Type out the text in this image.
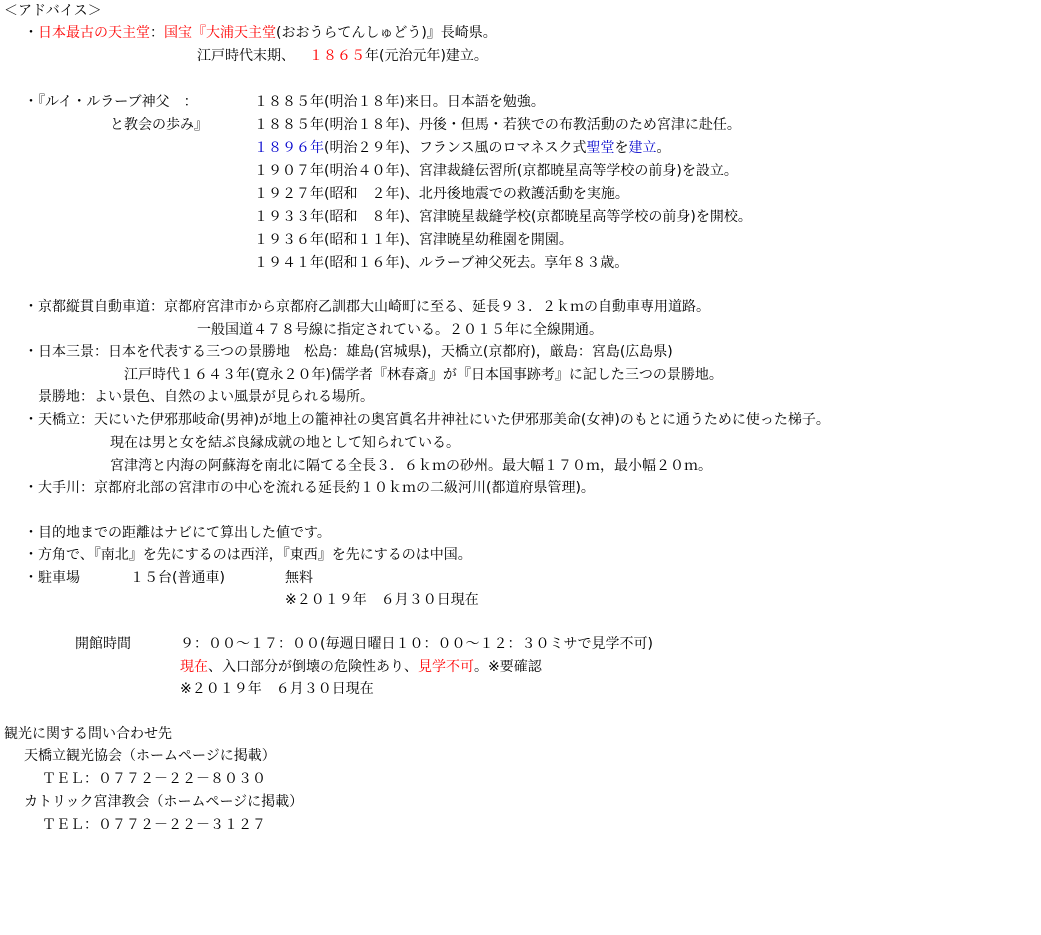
＜アドバイス＞
・日本最古の天主堂：国宝『大浦天主堂(おおうらてんしゅどう)』長崎県。
江戸時代末期、 １８６５年(元治元年)建立。
・『ルイ・ルラーブ神父　：	１８８５年(明治１８年)来日。日本語を勉強。
と教会の歩み』	１８８５年(明治１８年)、丹後・但馬・若狭での布教活動のため宮津に赴任。
１８９６年(明治２９年)、フランス風のロマネスク式聖堂を建立。
１９０７年(明治４０年)、宮津裁縫伝習所(京都暁星高等学校の前身)を設立。
１９２７年(昭和　２年)、北丹後地震での救護活動を実施。
１９３３年(昭和　８年)、宮津暁星裁縫学校(京都暁星高等学校の前身)を開校。
１９３６年(昭和１１年)、宮津暁星幼稚園を開園。
１９４１年(昭和１６年)、ルラーブ神父死去。享年８３歳。
・京都縦貫自動車道：京都府宮津市から京都府乙訓郡大山崎町に至る、延長９３．２ｋｍの自動車専用道路。
一般国道４７８号線に指定されている。２０１５年に全線開通。
・日本三景：日本を代表する三つの景勝地　松島：雄島(宮城県)，天橋立(京都府)，厳島：宮島(広島県)
江戸時代１６４３年(寛永２０年)儒学者『林春斎』が『日本国事跡考』に記した三つの景勝地。
景勝地：よい景色、自然のよい風景が見られる場所。
・天橋立：天にいた伊邪那岐命(男神)が地上の籠神社の奥宮眞名井神社にいた伊邪那美命(女神)のもとに通うために使った梯子。
現在は男と女を結ぶ良縁成就の地として知られている。
宮津湾と内海の阿蘇海を南北に隔てる全長３．６ｋｍの砂州。最大幅１７０ｍ，最小幅２０ｍ。
・大手川：京都府北部の宮津市の中心を流れる延長約１０ｋｍの二級河川(都道府県管理)。
・目的地までの距離はナビにて算出した値です。
・方角で、『南北』を先にするのは西洋，『東西』を先にするのは中国。
・駐車場	１５台(普通車)	無料
※２０１９年　６月３０日現在
開館時間	９：００～１７：００(毎週日曜日１０：００～１２：３０ミサで見学不可)
現在、入口部分が倒壊の危険性あり、見学不可。※要確認
※２０１９年　６月３０日現在
観光に関する問い合わせ先
天橋立観光協会（ホームページに掲載）
ＴＥＬ：０７７２－２２－８０３０
カトリック宮津教会（ホームページに掲載）
ＴＥＬ：０７７２－２２－３１２７
